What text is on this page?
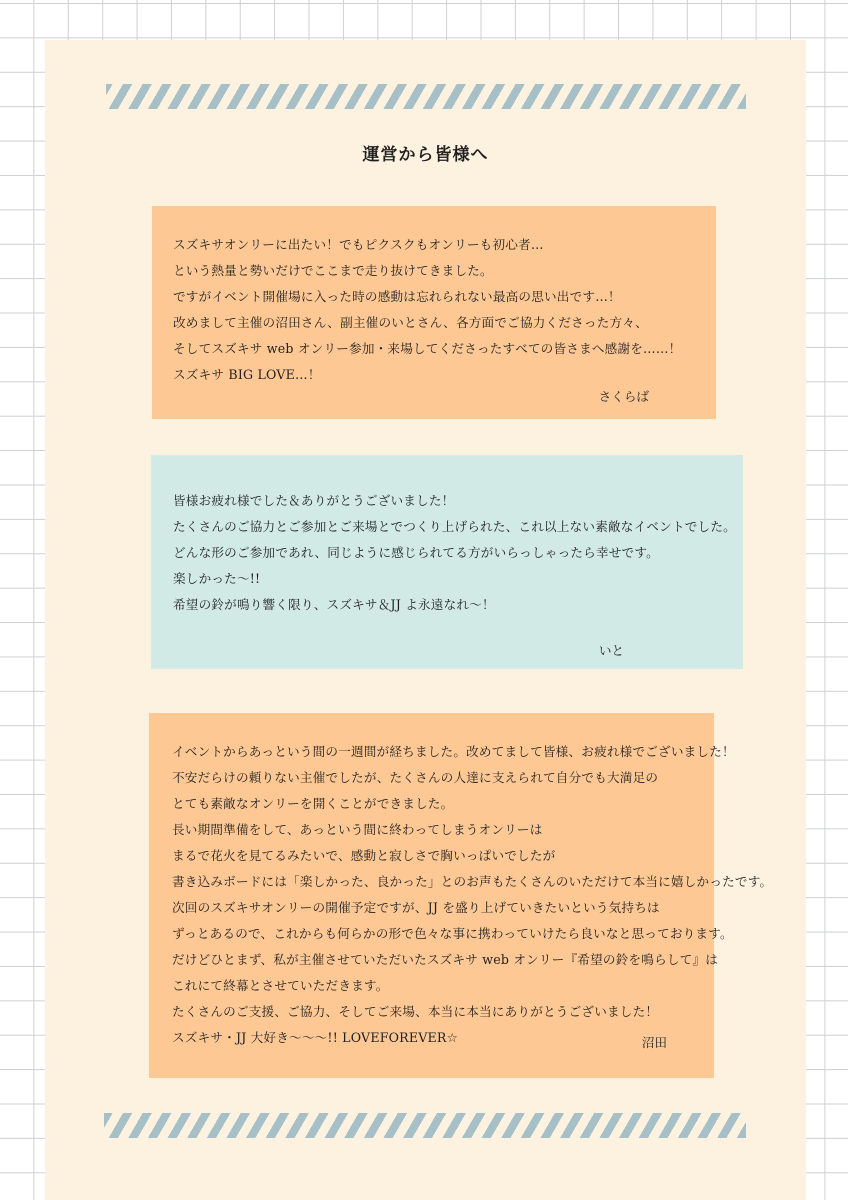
運営から皆様へ
スズキサオンリーに出たい！でもピクスクもオンリーも初心者…
という熱量と勢いだけでここまで走り抜けてきました。
ですがイベント開催場に入った時の感動は忘れられない最高の思い出です…！
改めまして主催の沼田さん、副主催のいとさん、各方面でご協力くださった方々、
そしてスズキサ web オンリー参加・来場してくださったすべての皆さまへ感謝を……！
スズキサ BIG LOVE…！
さくらば
皆様お疲れ様でした＆ありがとうございました！
たくさんのご協力とご参加とご来場とでつくり上げられた、これ以上ない素敵なイベントでした。
どんな形のご参加であれ、同じように感じられてる方がいらっしゃったら幸せです。
楽しかった〜!!
希望の鈴が鳴り響く限り、スズキサ＆JJ よ永遠なれ〜！
いと
イベントからあっという間の一週間が経ちました。改めてまして皆様、お疲れ様でございました！
不安だらけの頼りない主催でしたが、たくさんの人達に支えられて自分でも大満足の
とても素敵なオンリーを開くことができました。
長い期間準備をして、あっという間に終わってしまうオンリーは
まるで花火を見てるみたいで、感動と寂しさで胸いっぱいでしたが
書き込みボードには「楽しかった、良かった」とのお声もたくさんのいただけて本当に嬉しかったです。
次回のスズキサオンリーの開催予定ですが、JJ を盛り上げていきたいという気持ちは
ずっとあるので、これからも何らかの形で色々な事に携わっていけたら良いなと思っております。
だけどひとまず、私が主催させていただいたスズキサ web オンリー『希望の鈴を鳴らして』は
これにて終幕とさせていただきます。
たくさんのご支援、ご協力、そしてご来場、本当に本当にありがとうございました！
スズキサ・JJ 大好き〜〜〜!! LOVEFOREVER☆	沼田
